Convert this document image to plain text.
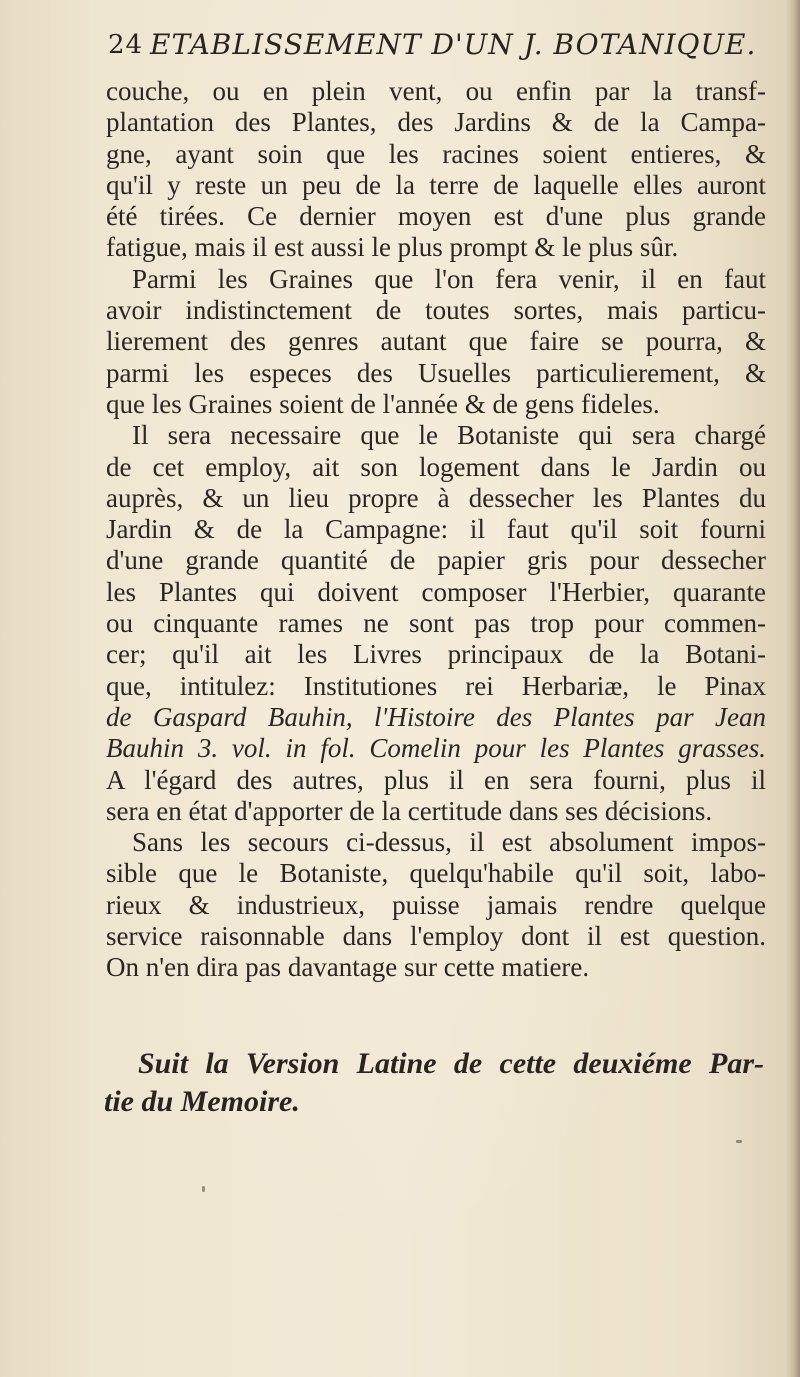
24 ETABLISSEMENT D'UN J. BOTANIQUE.
couche, ou en plein vent, ou enfin par la transf-
plantation des Plantes, des Jardins & de la Campa-
gne, ayant soin que les racines soient entieres, &
qu'il y reste un peu de la terre de laquelle elles auront
été tirées. Ce dernier moyen est d'une plus grande
fatigue, mais il est aussi le plus prompt & le plus sûr.
Parmi les Graines que l'on fera venir, il en faut
avoir indistinctement de toutes sortes, mais particu-
lierement des genres autant que faire se pourra, &
parmi les especes des Usuelles particulierement, &
que les Graines soient de l'année & de gens fideles.
Il sera necessaire que le Botaniste qui sera chargé
de cet employ, ait son logement dans le Jardin ou
auprès, & un lieu propre à dessecher les Plantes du
Jardin & de la Campagne: il faut qu'il soit fourni
d'une grande quantité de papier gris pour dessecher
les Plantes qui doivent composer l'Herbier, quarante
ou cinquante rames ne sont pas trop pour commen-
cer; qu'il ait les Livres principaux de la Botani-
que, intitulez: Institutiones rei Herbariæ, le Pinax
de Gaspard Bauhin, l'Histoire des Plantes par Jean
Bauhin 3. vol. in fol. Comelin pour les Plantes grasses.
A l'égard des autres, plus il en sera fourni, plus il
sera en état d'apporter de la certitude dans ses décisions.
Sans les secours ci-dessus, il est absolument impos-
sible que le Botaniste, quelqu'habile qu'il soit, labo-
rieux & industrieux, puisse jamais rendre quelque
service raisonnable dans l'employ dont il est question.
On n'en dira pas davantage sur cette matiere.
Suit la Version Latine de cette deuxiéme Par-
tie du Memoire.
